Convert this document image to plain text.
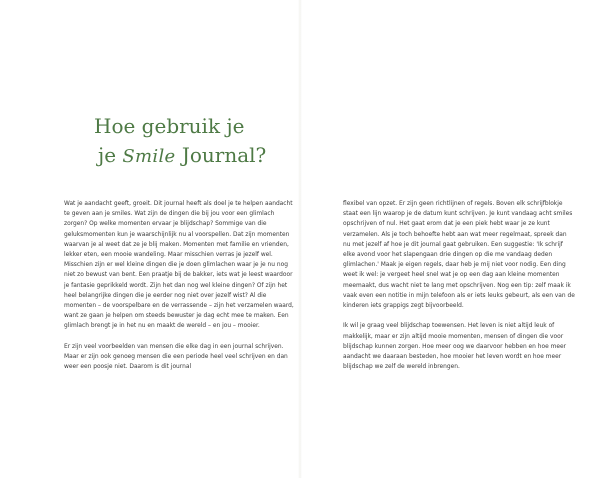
Hoe gebruik je
je Smile Journal?

Wat je aandacht geeft, groeit. Dit journal heeft als doel je te helpen aandacht te geven aan je smiles. Wat zijn de dingen die bij jou voor een glimlach zorgen? Op welke momenten ervaar je blijdschap? Sommige van die geluksmomenten kun je waarschijnlijk nu al voorspellen. Dat zijn momenten waarvan je al weet dat ze je blij maken. Momenten met familie en vrienden, lekker eten, een mooie wandeling. Maar misschien verras je jezelf wel. Misschien zijn er wel kleine dingen die je doen glimlachen waar je je nu nog niet zo bewust van bent. Een praatje bij de bakker, iets wat je leest waardoor je fantasie geprikkeld wordt. Zijn het dan nog wel kleine dingen? Of zijn het heel belangrijke dingen die je eerder nog niet over jezelf wist? Al die momenten – de voorspelbare en de verrassende – zijn het verzamelen waard, want ze gaan je helpen om steeds bewuster je dag echt mee te maken. Een glimlach brengt je in het nu en maakt de wereld – en jou – mooier.

Er zijn veel voorbeelden van mensen die elke dag in een journal schrijven. Maar er zijn ook genoeg mensen die een periode heel veel schrijven en dan weer een poosje niet. Daarom is dit journal

flexibel van opzet. Er zijn geen richtlijnen of regels. Boven elk schrijfblokje staat een lijn waarop je de datum kunt schrijven. Je kunt vandaag acht smiles opschrijven of nul. Het gaat erom dat je een piek hebt waar je ze kunt verzamelen. Als je toch behoefte hebt aan wat meer regelmaat, spreek dan nu met jezelf af hoe je dit journal gaat gebruiken. Een suggestie: 'Ik schrijf elke avond voor het slapengaan drie dingen op die me vandaag deden glimlachen.' Maak je eigen regels, daar heb je mij niet voor nodig. Een ding weet ik wel: je vergeet heel snel wat je op een dag aan kleine momenten meemaakt, dus wacht niet te lang met opschrijven. Nog een tip: zelf maak ik vaak even een notitie in mijn telefoon als er iets leuks gebeurt, als een van de kinderen iets grappigs zegt bijvoorbeeld.

Ik wil je graag veel blijdschap toewensen. Het leven is niet altijd leuk of makkelijk, maar er zijn altijd mooie momenten, mensen of dingen die voor blijdschap kunnen zorgen. Hoe meer oog we daarvoor hebben en hoe meer aandacht we daaraan besteden, hoe mooier het leven wordt en hoe meer blijdschap we zelf de wereld inbrengen.
